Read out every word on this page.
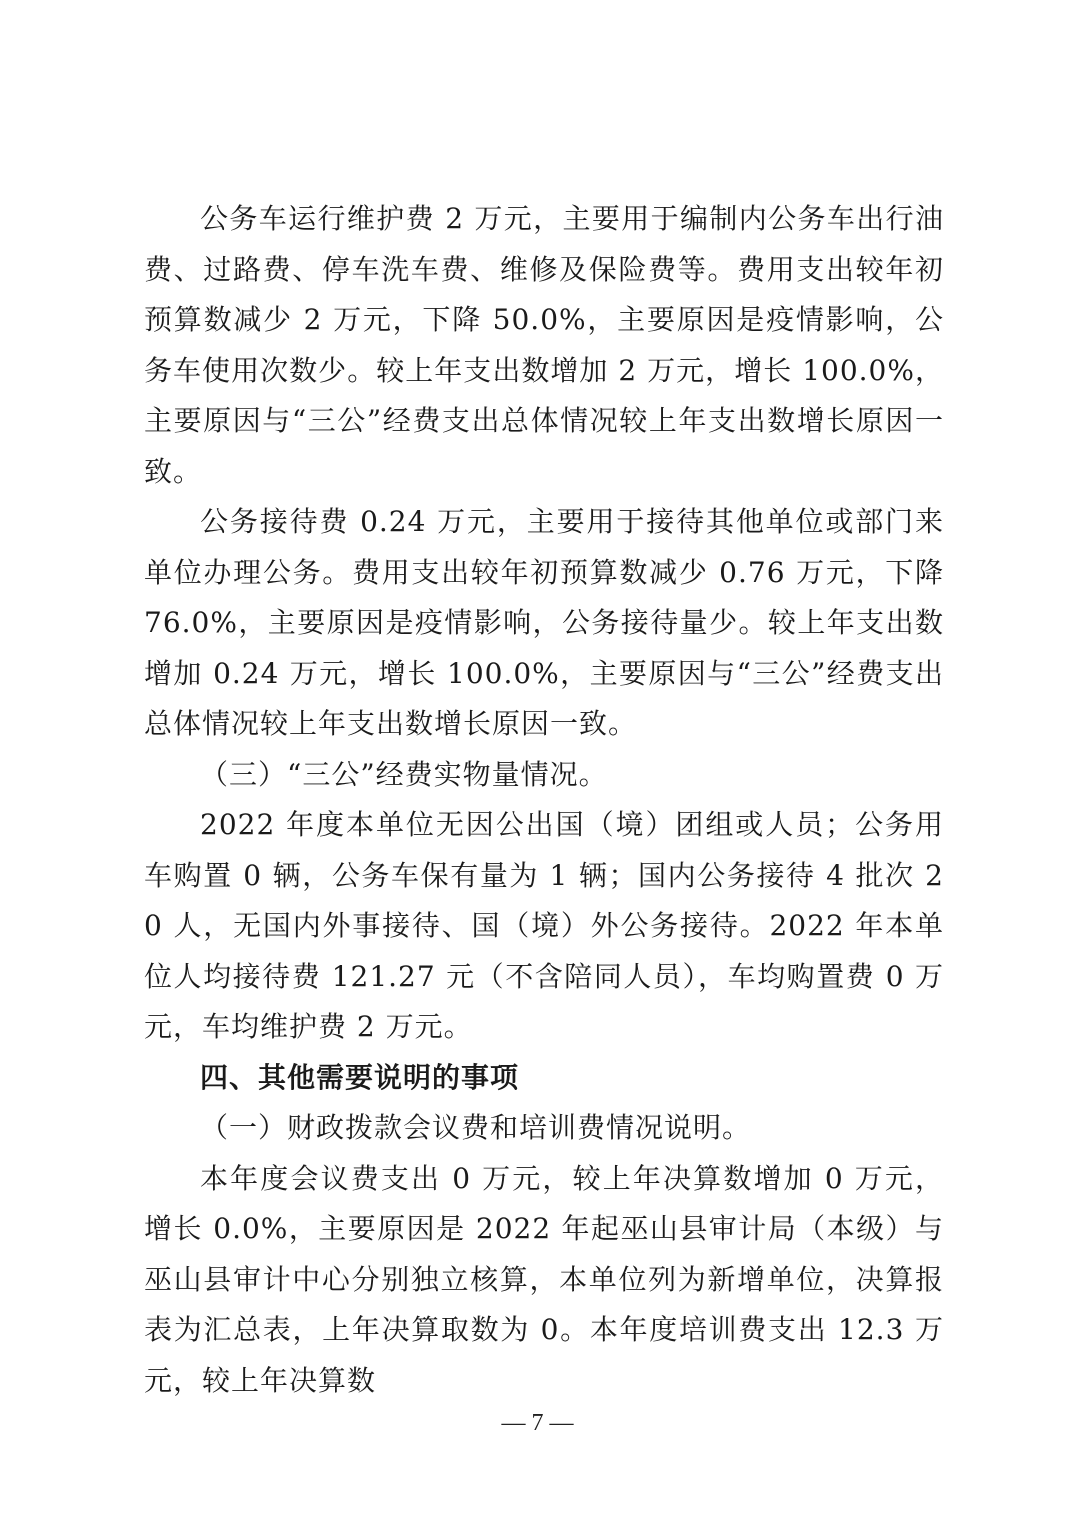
公务车运行维护费 2 万元，主要用于编制内公务车出行油费、过路费、停车洗车费、维修及保险费等。费用支出较年初预算数减少 2 万元，下降 50.0%，主要原因是疫情影响，公务车使用次数少。较上年支出数增加 2 万元，增长 100.0%，主要原因与“三公”经费支出总体情况较上年支出数增长原因一致。

公务接待费 0.24 万元，主要用于接待其他单位或部门来单位办理公务。费用支出较年初预算数减少 0.76 万元，下降 76.0%，主要原因是疫情影响，公务接待量少。较上年支出数增加 0.24 万元，增长 100.0%，主要原因与“三公”经费支出总体情况较上年支出数增长原因一致。

（三）“三公”经费实物量情况。

2022 年度本单位无因公出国（境）团组或人员；公务用车购置 0 辆，公务车保有量为 1 辆；国内公务接待 4 批次 20 人，无国内外事接待、国（境）外公务接待。2022 年本单位人均接待费 121.27 元（不含陪同人员），车均购置费 0 万元，车均维护费 2 万元。

四、其他需要说明的事项

（一）财政拨款会议费和培训费情况说明。

本年度会议费支出 0 万元，较上年决算数增加 0 万元，增长 0.0%，主要原因是 2022 年起巫山县审计局（本级）与巫山县审计中心分别独立核算，本单位列为新增单位，决算报表为汇总表，上年决算取数为 0。本年度培训费支出 12.3 万元，较上年决算数

— 7 —
